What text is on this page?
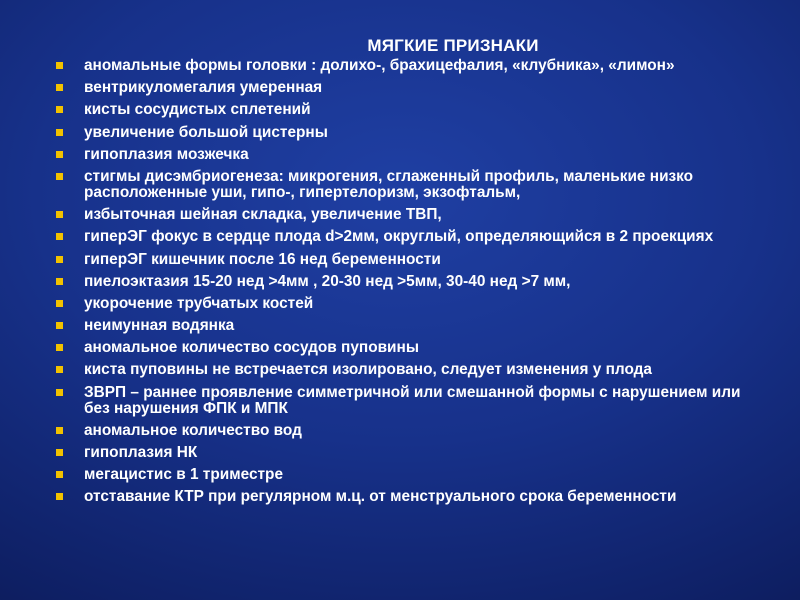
МЯГКИЕ ПРИЗНАКИ
аномальные формы головки : долихо-, брахицефалия, «клубника», «лимон»
вентрикуломегалия умеренная
кисты сосудистых сплетений
увеличение большой цистерны
гипоплазия мозжечка
стигмы дисэмбриогенеза: микрогения, сглаженный профиль, маленькие низко расположенные уши, гипо-, гипертелоризм, экзофтальм,
избыточная шейная складка, увеличение ТВП,
гиперЭГ фокус в сердце плода d>2мм, округлый, определяющийся в 2 проекциях
гиперЭГ кишечник после 16 нед беременности
пиелоэктазия 15-20 нед >4мм , 20-30 нед >5мм, 30-40 нед >7 мм,
укорочение трубчатых костей
неимунная водянка
аномальное количество сосудов пуповины
киста пуповины не встречается изолировано, следует изменения у плода
ЗВРП – раннее проявление симметричной или смешанной формы с нарушением или без нарушения ФПК и МПК
аномальное количество вод
гипоплазия НК
мегацистис в 1 триместре
отставание КТР при регулярном м.ц. от менструального срока беременности
